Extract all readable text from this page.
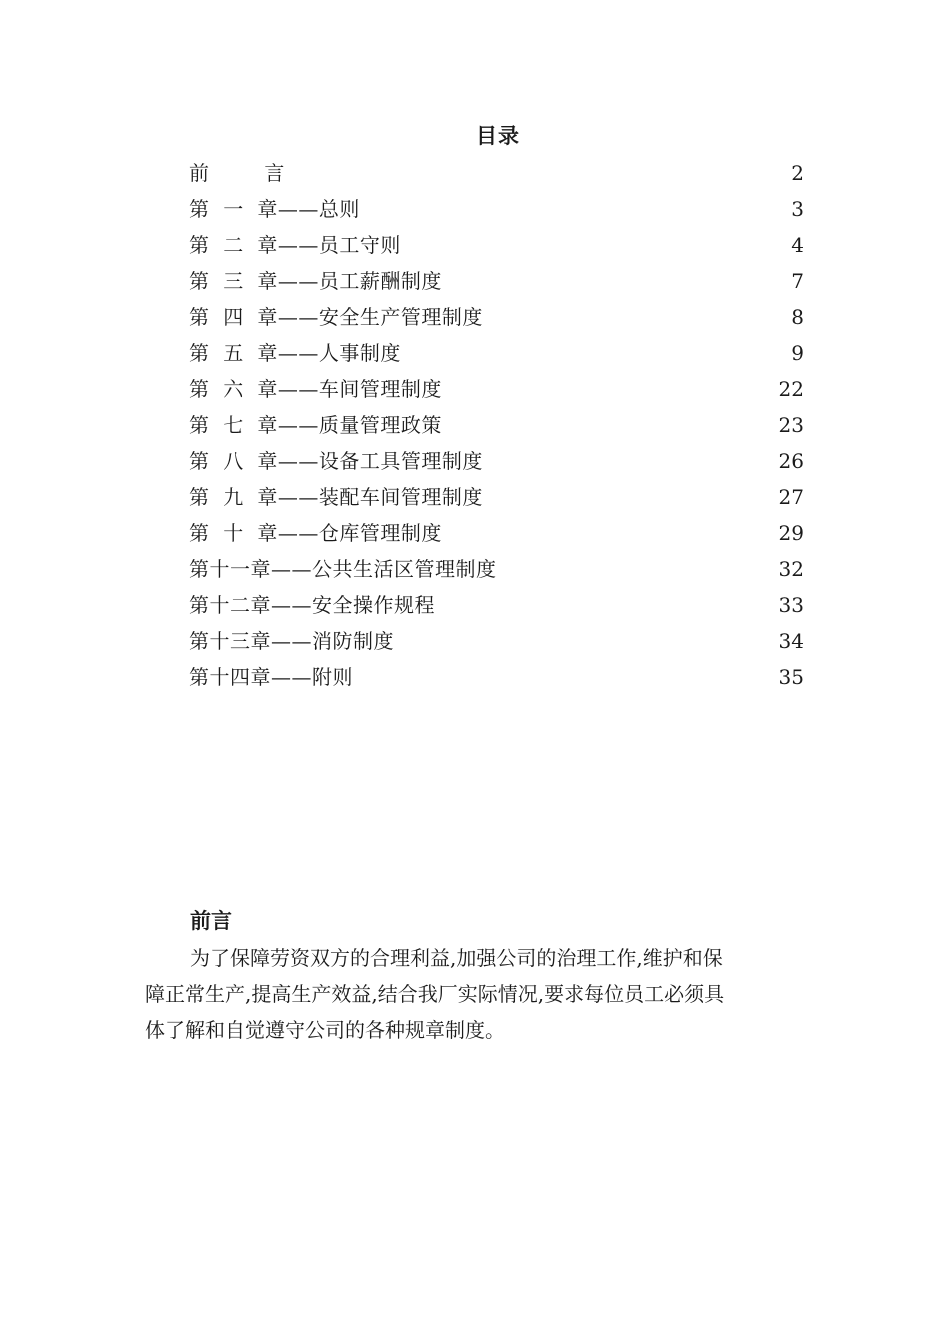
目录
前        言	2
第  一  章——总则	3
第  二  章——员工守则	4
第  三  章——员工薪酬制度	7
第  四  章——安全生产管理制度	8
第  五  章——人事制度	9
第  六  章——车间管理制度	22
第  七  章——质量管理政策	23
第  八  章——设备工具管理制度	26
第  九  章——装配车间管理制度	27
第  十  章——仓库管理制度	29
第十一章——公共生活区管理制度	32
第十二章——安全操作规程	33
第十三章——消防制度	34
第十四章——附则	35
前言
为了保障劳资双方的合理利益,加强公司的治理工作,维护和保
障正常生产,提高生产效益,结合我厂实际情况,要求每位员工必须具
体了解和自觉遵守公司的各种规章制度。
